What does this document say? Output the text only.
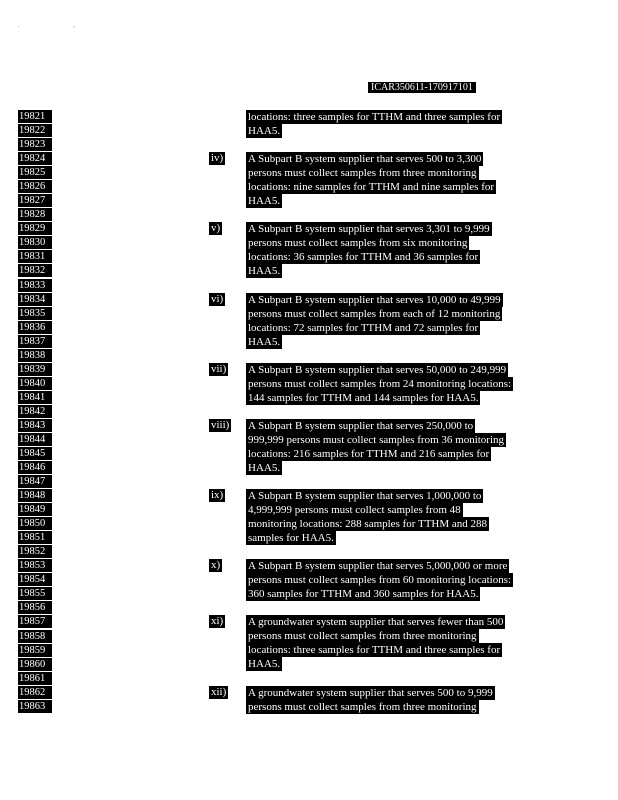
' "
ICAR350611-170917101
19821
19822
19823
19824
19825
19826
19827
19828
19829
19830
19831
19832
19833
19834
19835
19836
19837
19838
19839
19840
19841
19842
19843
19844
19845
19846
19847
19848
19849
19850
19851
19852
19853
19854
19855
19856
19857
19858
19859
19860
19861
19862
19863
locations: three samples for TTHM and three samples for
HAA5.
iv) A Subpart B system supplier that serves 500 to 3,300
persons must collect samples from three monitoring
locations: nine samples for TTHM and nine samples for
HAA5.
v)	A Subpart B system supplier that serves 3,301 to 9,999
persons must collect samples from six monitoring
locations: 36 samples for TTHM and 36 samples for
HAA5.
vi) A Subpart B system supplier that serves 10,000 to 49,999
persons must collect samples from each of 12 monitoring
locations: 72 samples for TTHM and 72 samples for
HAA5.
vii) A Subpart B system supplier that serves 50,000 to 249,999
persons must collect samples from 24 monitoring locations:
144 samples for TTHM and 144 samples for HAA5.
viii) A Subpart B system supplier that serves 250,000 to
999,999 persons must collect samples from 36 monitoring
locations: 216 samples for TTHM and 216 samples for
HAA5.
ix) A Subpart B system supplier that serves 1,000,000 to
4,999,999 persons must collect samples from 48
monitoring locations: 288 samples for TTHM and 288
samples for HAA5.
x)	A Subpart B system supplier that serves 5,000,000 or more
persons must collect samples from 60 monitoring locations:
360 samples for TTHM and 360 samples for HAA5.
xi) A groundwater system supplier that serves fewer than 500
persons must collect samples from three monitoring
locations: three samples for TTHM and three samples for
HAA5.
xii) A groundwater system supplier that serves 500 to 9,999
persons must collect samples from three monitoring
